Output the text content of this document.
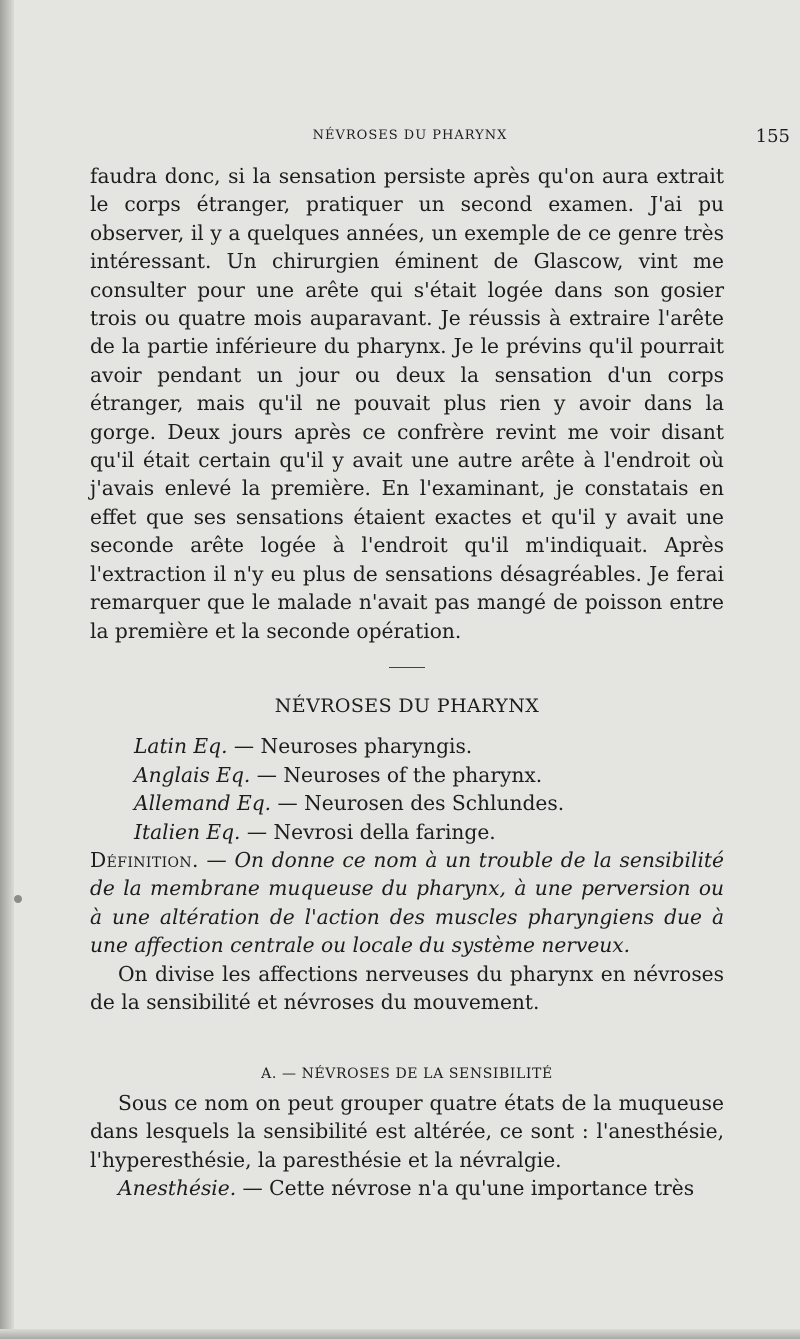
NÉVROSES DU PHARYNX	155

faudra donc, si la sensation persiste après qu'on aura extrait le corps étranger, pratiquer un second examen. J'ai pu observer, il y a quelques années, un exemple de ce genre très intéressant. Un chirurgien éminent de Glascow, vint me consulter pour une arête qui s'était logée dans son gosier trois ou quatre mois auparavant. Je réussis à extraire l'arête de la partie inférieure du pharynx. Je le prévins qu'il pourrait avoir pendant un jour ou deux la sensation d'un corps étranger, mais qu'il ne pouvait plus rien y avoir dans la gorge. Deux jours après ce confrère revint me voir disant qu'il était certain qu'il y avait une autre arête à l'endroit où j'avais enlevé la première. En l'examinant, je constatais en effet que ses sensations étaient exactes et qu'il y avait une seconde arête logée à l'endroit qu'il m'indiquait. Après l'extraction il n'y eu plus de sensations désagréables. Je ferai remarquer que le malade n'avait pas mangé de poisson entre la première et la seconde opération.

NÉVROSES DU PHARYNX
Latin Eq. — Neuroses pharyngis.
Anglais Eq. — Neuroses of the pharynx.
Allemand Eq. — Neurosen des Schlundes.
Italien Eq. — Nevrosi della faringe.

Définition. — On donne ce nom à un trouble de la sensibilité de la membrane muqueuse du pharynx, à une perversion ou à une altération de l'action des muscles pharyngiens due à une affection centrale ou locale du système nerveux.

On divise les affections nerveuses du pharynx en névroses de la sensibilité et névroses du mouvement.

A. — NÉVROSES DE LA SENSIBILITÉ

Sous ce nom on peut grouper quatre états de la muqueuse dans lesquels la sensibilité est altérée, ce sont : l'anesthésie, l'hyperesthésie, la paresthésie et la névralgie.

Anesthésie. — Cette névrose n'a qu'une importance très
